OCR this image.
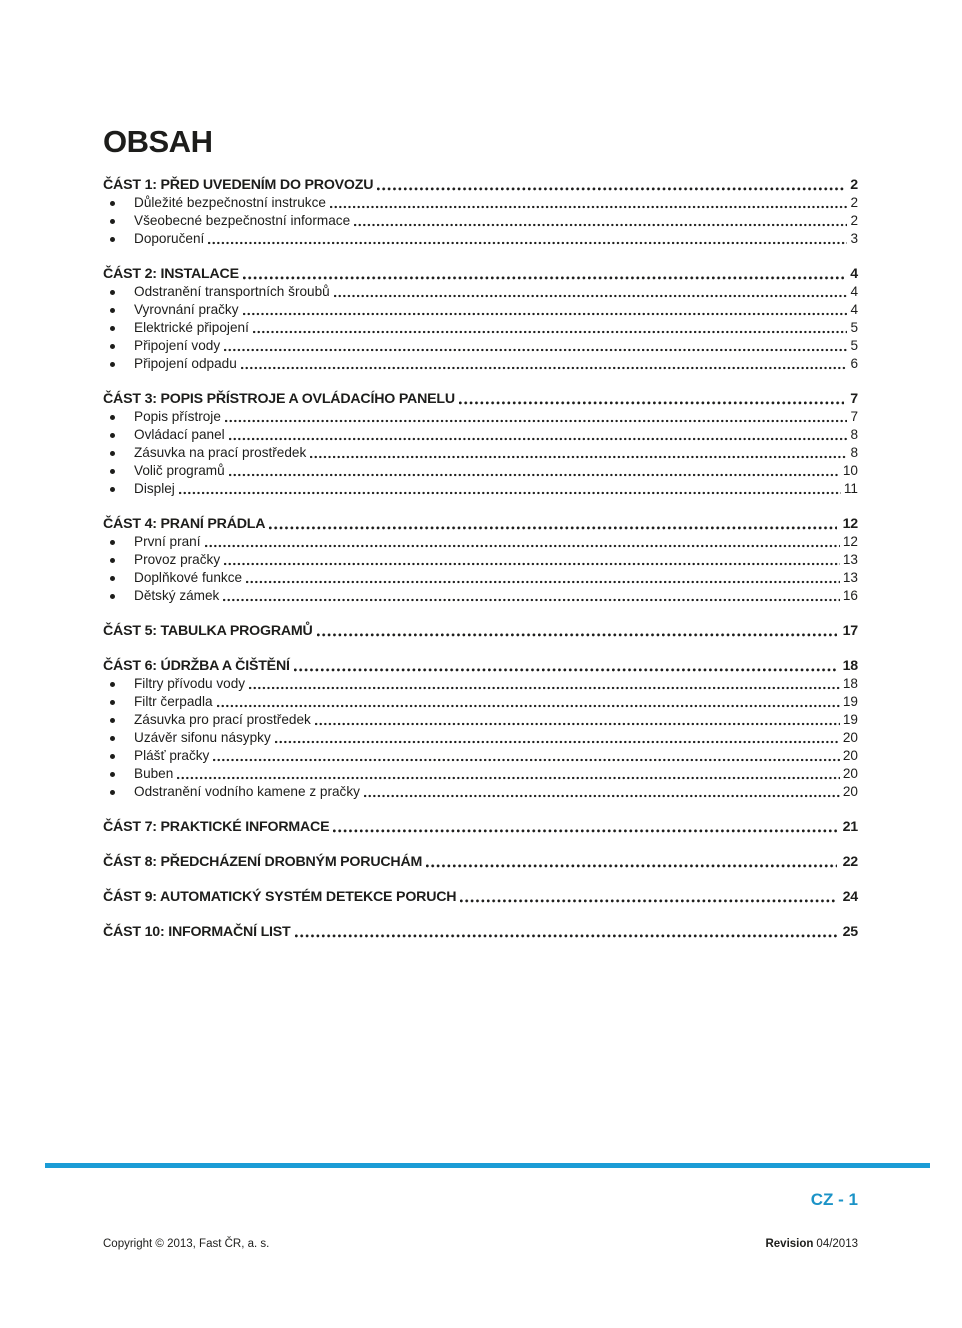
OBSAH
ČÁST 1: PŘED UVEDENÍM DO PROVOZU	2
Důležité bezpečnostní instrukce	2
Všeobecné bezpečnostní informace	2
Doporučení	3
ČÁST 2: INSTALACE	4
Odstranění transportních šroubů	4
Vyrovnání pračky	4
Elektrické připojení	5
Připojení vody	5
Připojení odpadu	6
ČÁST 3: POPIS PŘÍSTROJE A OVLÁDACÍHO PANELU	7
Popis přístroje	7
Ovládací panel	8
Zásuvka na prací prostředek	8
Volič programů	10
Displej	11
ČÁST 4: PRANÍ PRÁDLA	12
První praní	12
Provoz pračky	13
Doplňkové funkce	13
Dětský zámek	16
ČÁST 5: TABULKA PROGRAMŮ	17
ČÁST 6: ÚDRŽBA A ČIŠTĚNÍ	18
Filtry přívodu vody	18
Filtr čerpadla	19
Zásuvka pro prací prostředek	19
Uzávěr sifonu násypky	20
Plášť pračky	20
Buben	20
Odstranění vodního kamene z pračky	20
ČÁST 7: PRAKTICKÉ INFORMACE	21
ČÁST 8: PŘEDCHÁZENÍ DROBNÝM PORUCHÁM	22
ČÁST 9: AUTOMATICKÝ SYSTÉM DETEKCE PORUCH	24
ČÁST 10: INFORMAČNÍ LIST	25
CZ - 1
Copyright © 2013, Fast ČR, a. s.	Revision 04/2013
